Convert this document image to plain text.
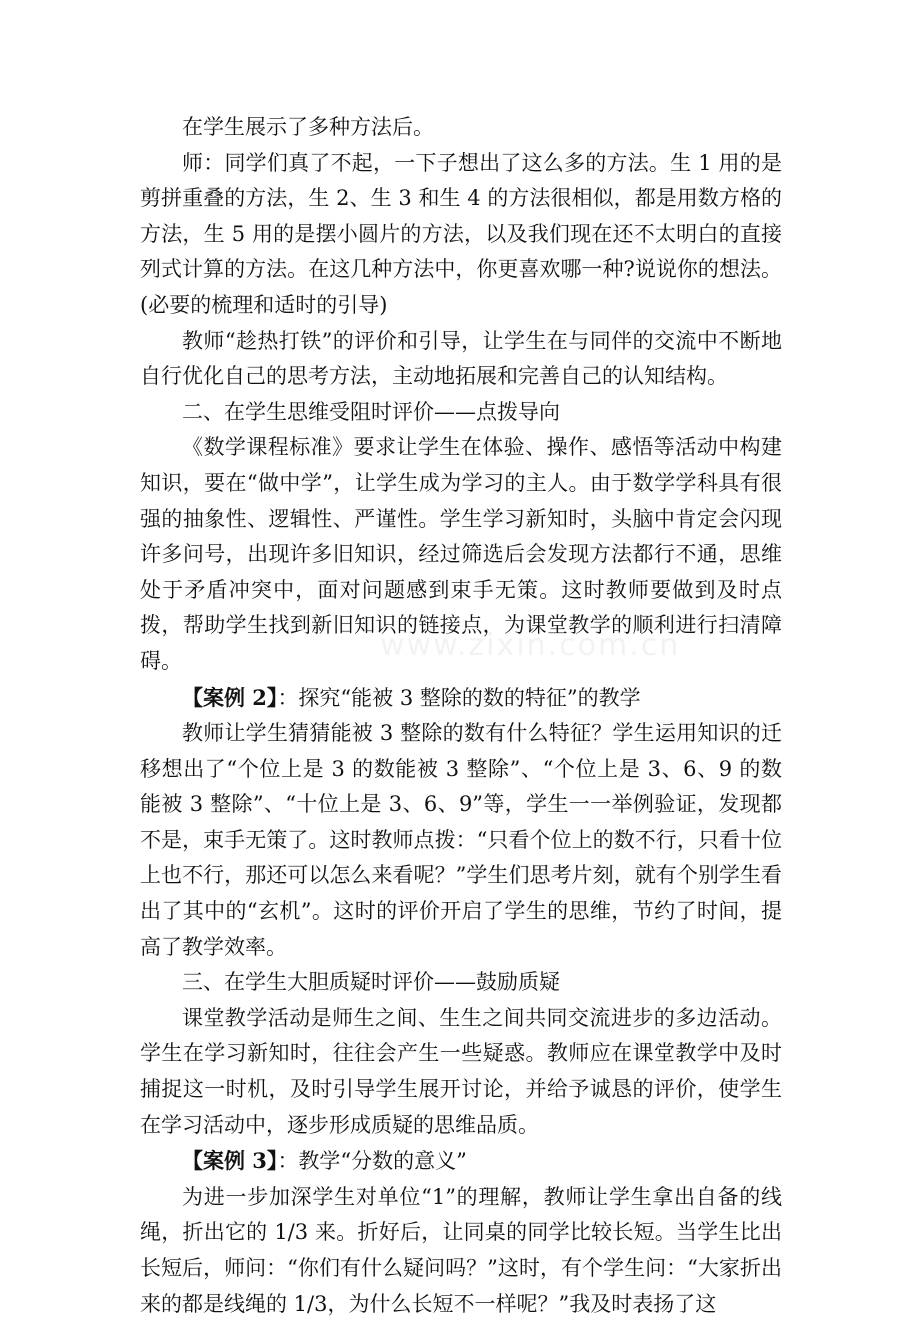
在学生展示了多种方法后。

师：同学们真了不起，一下子想出了这么多的方法。生 1 用的是剪拼重叠的方法，生 2、生 3 和生 4 的方法很相似，都是用数方格的方法，生 5 用的是摆小圆片的方法，以及我们现在还不太明白的直接列式计算的方法。在这几种方法中，你更喜欢哪一种?说说你的想法。(必要的梳理和适时的引导)

教师“趁热打铁”的评价和引导，让学生在与同伴的交流中不断地自行优化自己的思考方法，主动地拓展和完善自己的认知结构。

二、在学生思维受阻时评价——点拨导向

《数学课程标准》要求让学生在体验、操作、感悟等活动中构建知识，要在“做中学”，让学生成为学习的主人。由于数学学科具有很强的抽象性、逻辑性、严谨性。学生学习新知时，头脑中肯定会闪现许多问号，出现许多旧知识，经过筛选后会发现方法都行不通，思维处于矛盾冲突中，面对问题感到束手无策。这时教师要做到及时点拨，帮助学生找到新旧知识的链接点，为课堂教学的顺利进行扫清障碍。

【案例 2】：探究“能被 3 整除的数的特征”的教学

教师让学生猜猜能被 3 整除的数有什么特征？学生运用知识的迁移想出了“个位上是 3 的数能被 3 整除”、“个位上是 3、6、9 的数能被 3 整除”、“十位上是 3、6、9”等，学生一一举例验证，发现都不是，束手无策了。这时教师点拨：“只看个位上的数不行，只看十位上也不行，那还可以怎么来看呢？”学生们思考片刻，就有个别学生看出了其中的“玄机”。这时的评价开启了学生的思维，节约了时间，提高了教学效率。

三、在学生大胆质疑时评价——鼓励质疑

课堂教学活动是师生之间、生生之间共同交流进步的多边活动。学生在学习新知时，往往会产生一些疑惑。教师应在课堂教学中及时捕捉这一时机，及时引导学生展开讨论，并给予诚恳的评价，使学生在学习活动中，逐步形成质疑的思维品质。

【案例 3】：教学“分数的意义”

为进一步加深学生对单位“1”的理解，教师让学生拿出自备的线绳，折出它的 1/3 来。折好后，让同桌的同学比较长短。当学生比出长短后，师问：“你们有什么疑问吗？”这时，有个学生问：“大家折出来的都是线绳的 1/3，为什么长短不一样呢？”我及时表扬了这

www.zixin.com.cn
